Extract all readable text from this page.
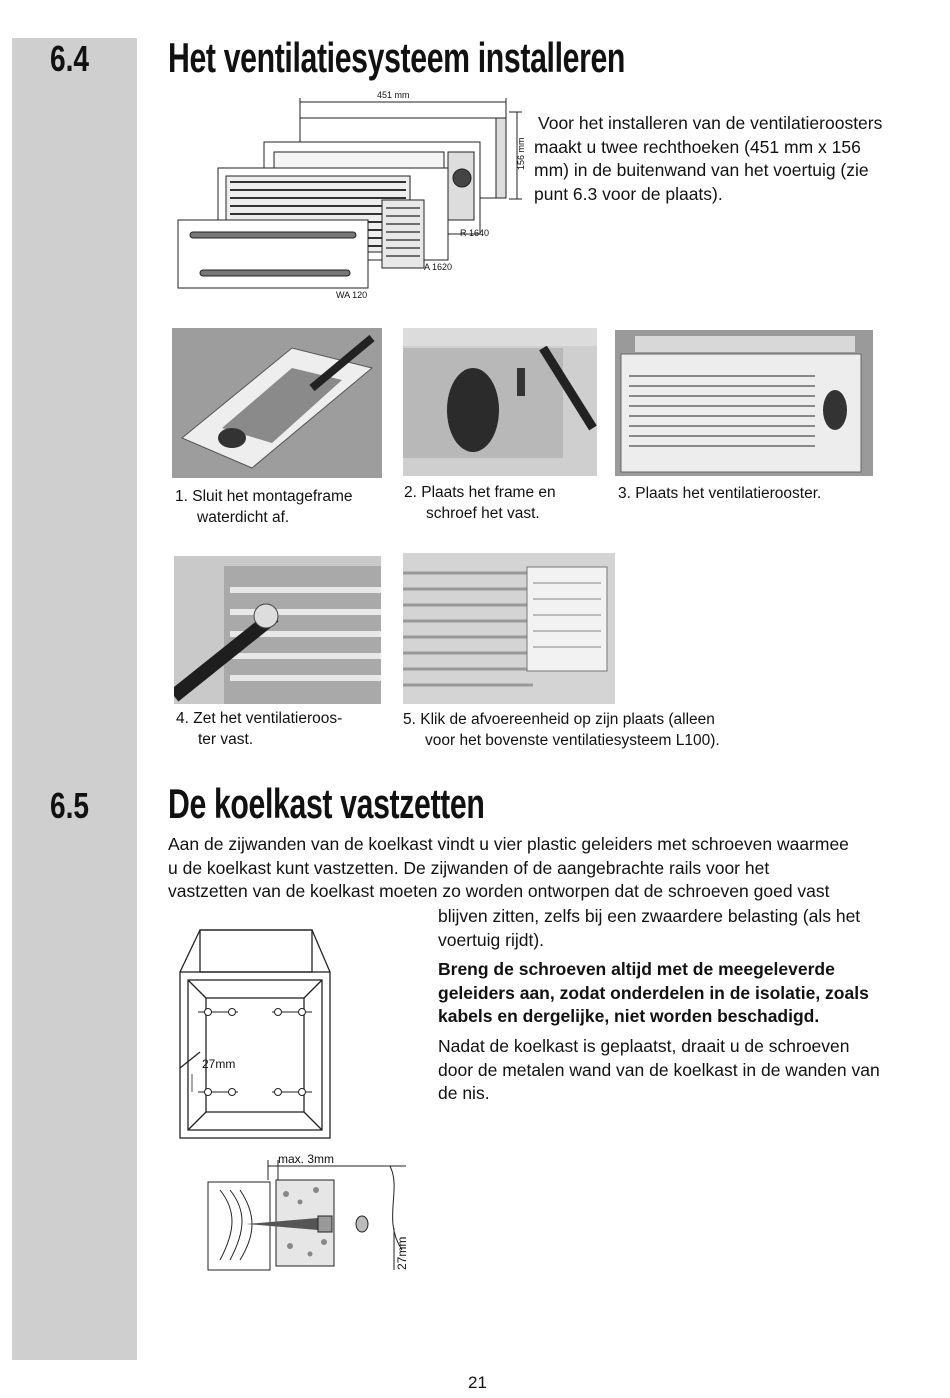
6.4 Het ventilatiesysteem installeren
451 mm
156 mm
R 1640
A 1620
WA 120
Voor het installeren van de ventilatieroosters
maakt u twee rechthoeken (451 mm x 156
mm) in de buitenwand van het voertuig (zie
punt 6.3 voor de plaats).
1. Sluit het montageframe
waterdicht af.
2. Plaats het frame en
schroef het vast.
3. Plaats het ventilatierooster.
4. Zet het ventilatieroos-
ter vast.
5. Klik de afvoereenheid op zijn plaats (alleen
voor het bovenste ventilatiesysteem L100).
6.5 De koelkast vastzetten
Aan de zijwanden van de koelkast vindt u vier plastic geleiders met schroeven waarmee
u de koelkast kunt vastzetten. De zijwanden of de aangebrachte rails voor het
vastzetten van de koelkast moeten zo worden ontworpen dat de schroeven goed vast
blijven zitten, zelfs bij een zwaardere belasting (als het
voertuig rijdt).
Breng de schroeven altijd met de meegeleverde
geleiders aan, zodat onderdelen in de isolatie, zoals
kabels en dergelijke, niet worden beschadigd.
Nadat de koelkast is geplaatst, draait u de schroeven
door de metalen wand van de koelkast in de wanden van
de nis.
27mm
max. 3mm
27mm
21
